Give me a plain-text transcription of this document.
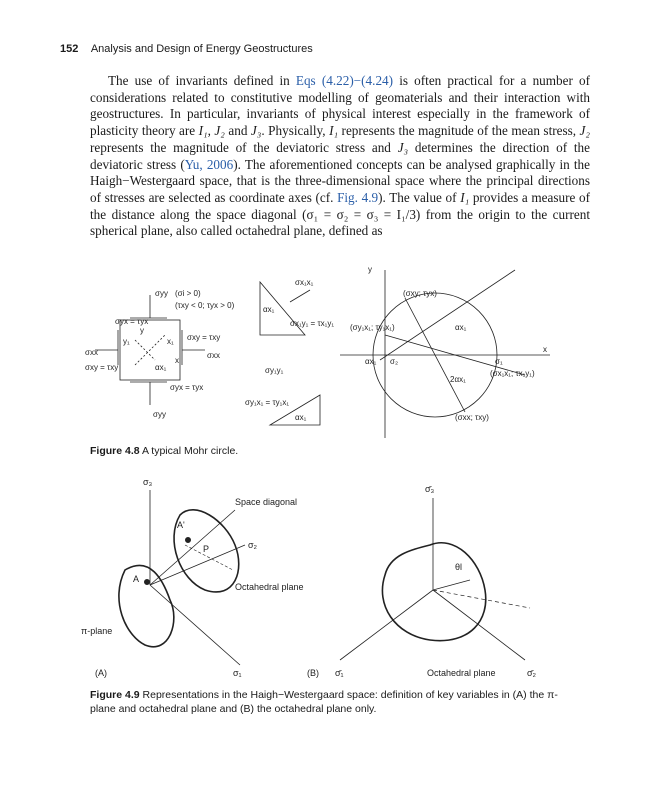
152 Analysis and Design of Energy Geostructures
The use of invariants defined in Eqs (4.22)−(4.24) is often practical for a number of considerations related to constitutive modelling of geomaterials and their interaction with geostructures. In particular, invariants of physical interest especially in the framework of plasticity theory are I₁, J₂ and J₃. Physically, I₁ represents the magnitude of the mean stress, J₂ represents the magnitude of the deviatoric stress and J₃ determines the direction of the deviatoric stress (Yu, 2006). The aforementioned concepts can be analysed graphically in the Haigh−Westergaard space, that is the three-dimensional space where the principal directions of stresses are selected as coordinate axes (cf. Fig. 4.9). The value of I₁ provides a measure of the distance along the space diagonal (σ₁ = σ₂ = σ₃ = I₁/3) from the origin to the current spherical plane, also called octahedral plane, defined as
σyy (σi > 0)
(τxy < 0; τyx > 0)
σyx = τyx
σxy = τxy
σxx	σxx
σxy = τxy
σyx = τyx
σyy
y
x
y₁	x₁
αx₁
σx₁x₁
σx₁y₁ = τx₁y₁
αx₁
σy₁y₁
σy₁x₁ = τy₁x₁
αx₁
y
x
(σxy; τyx)
(σy₁x₁; τy₁x₁)
(σx₁x₁; τx₁y₁)
(σxx; τxy)
αx₁
αx₁ σ₂	σ₁
2αx₁
Figure 4.8 A typical Mohr circle.
σ₃
Space diagonal
A'
P	σ₂
A
Octahedral plane
π-plane
σ₁
(A)	(B)
σ̄₃
θl
σ̄₁	Octahedral plane	σ̄₂
Figure 4.9 Representations in the Haigh−Westergaard space: definition of key variables in (A) the π-plane and octahedral plane and (B) the octahedral plane only.
